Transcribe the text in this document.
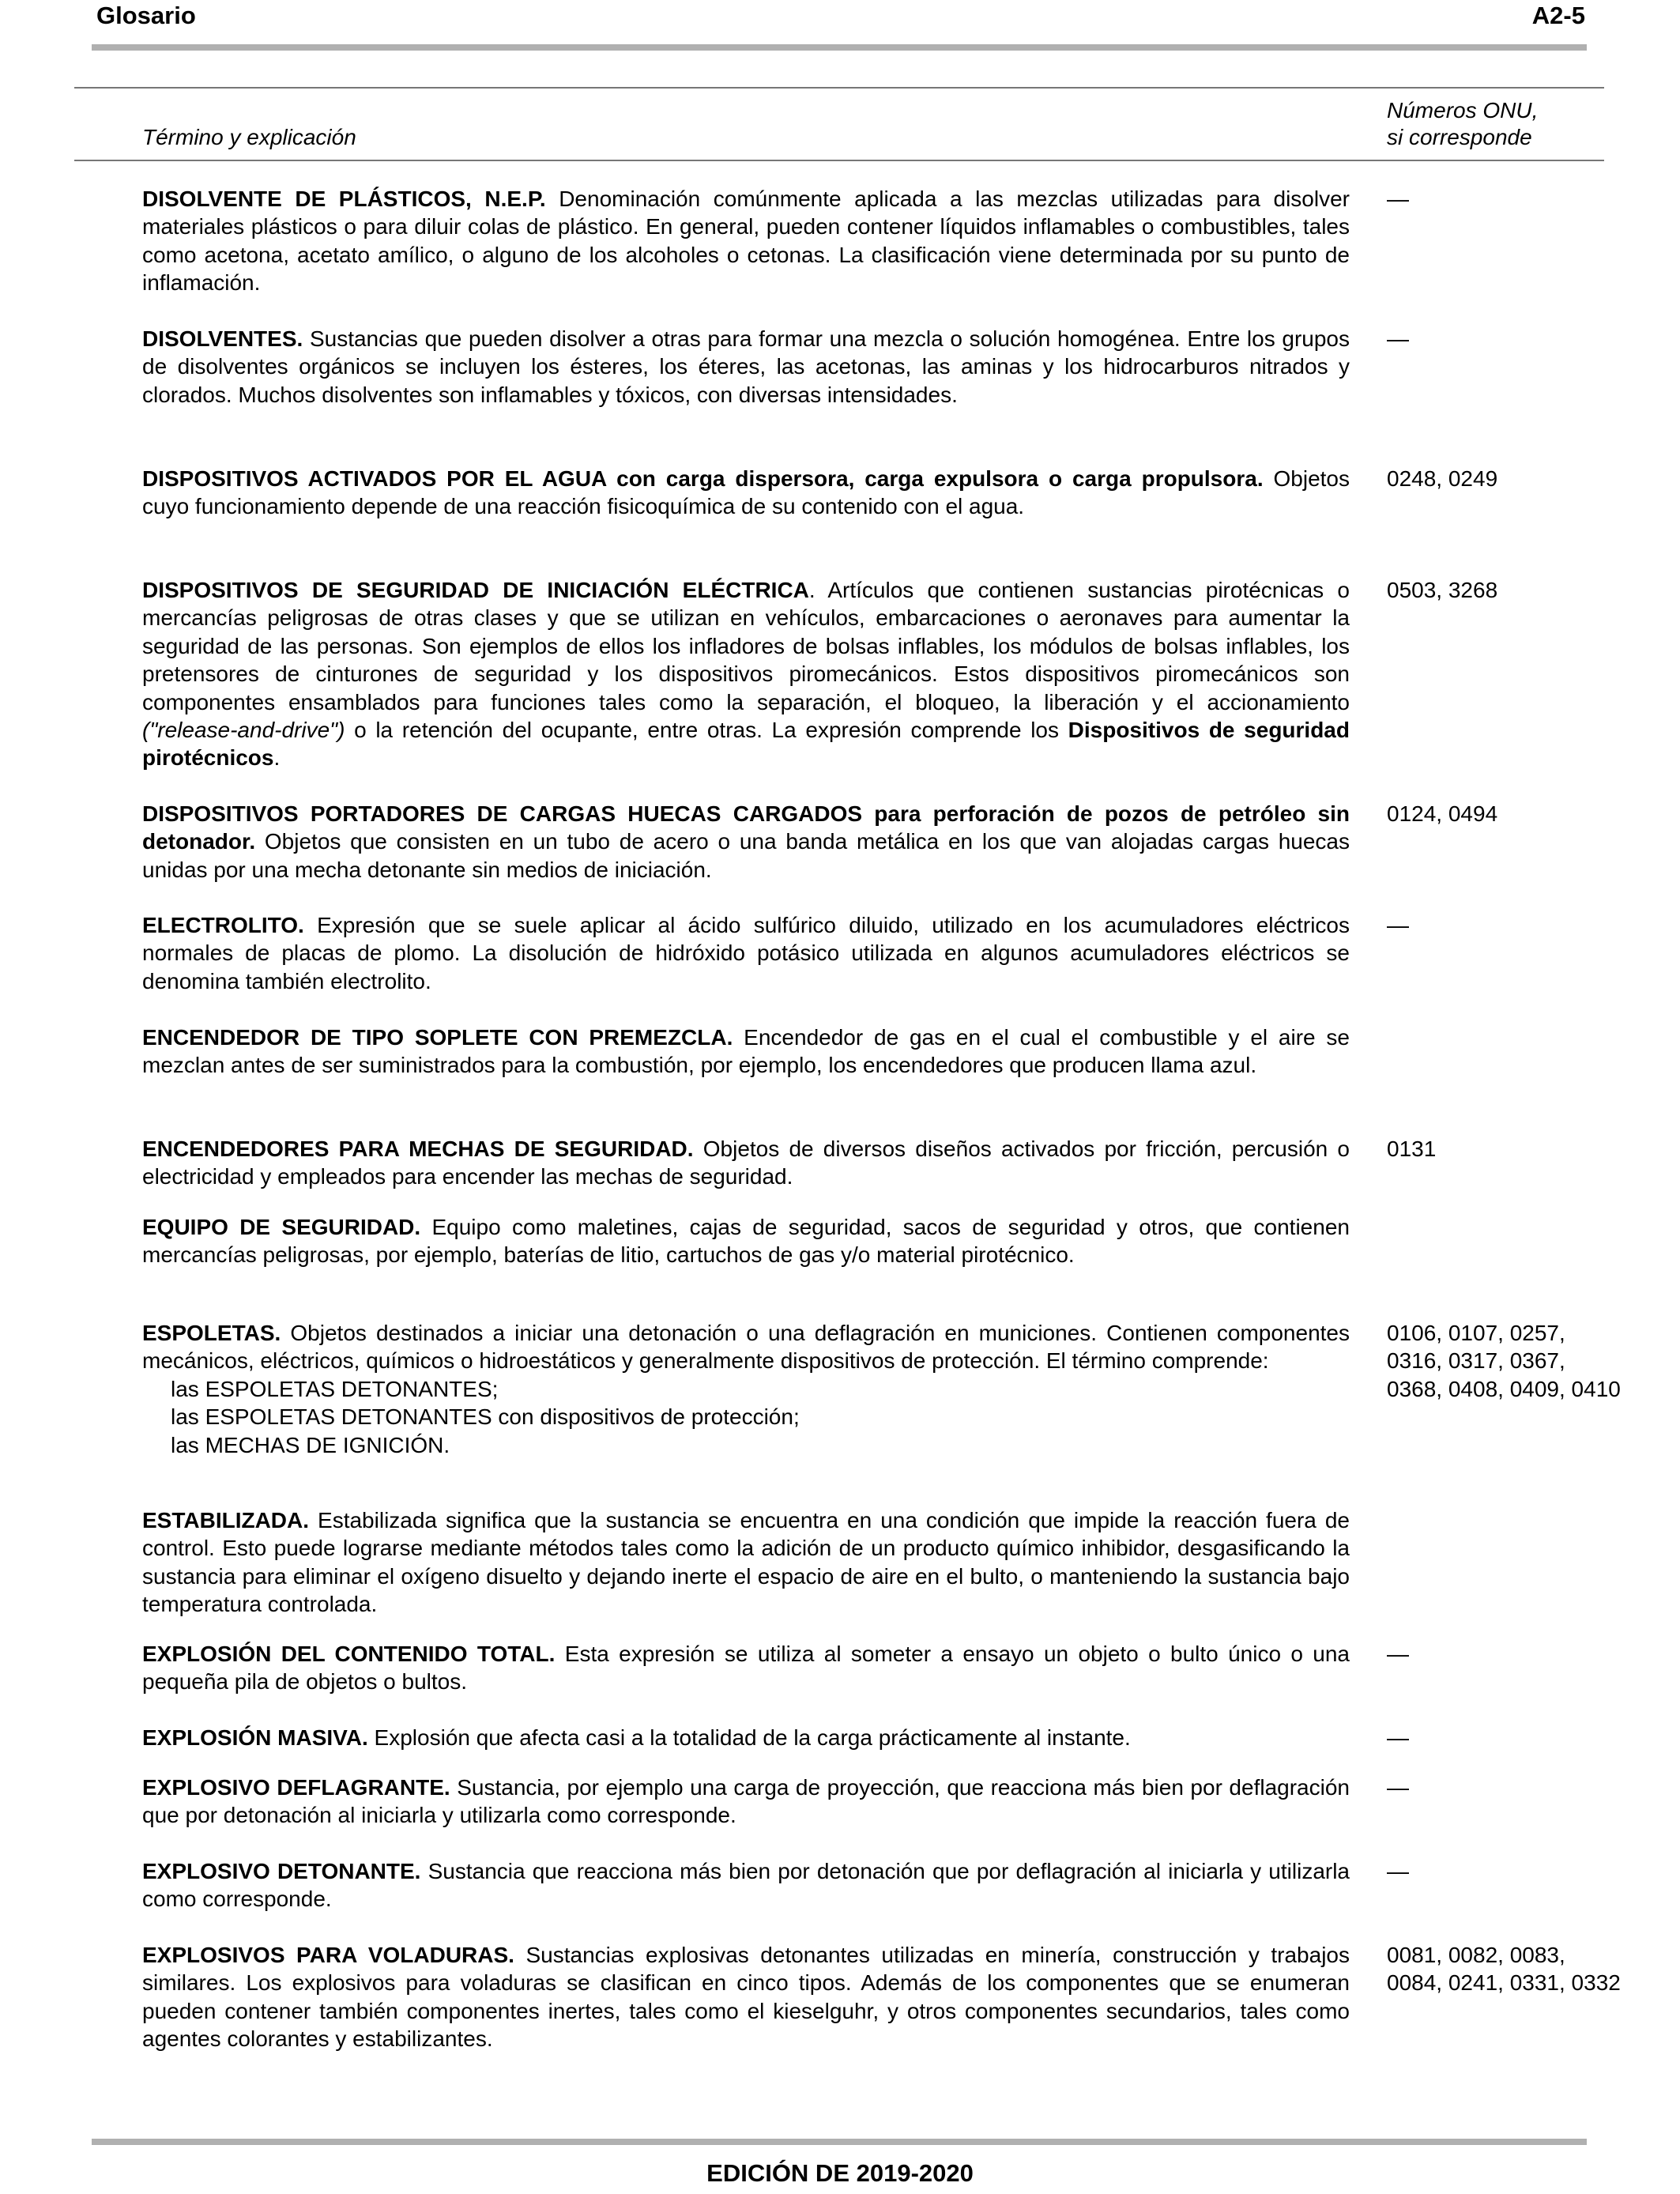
Glosario	A2-5
Término y explicación
Números ONU,
si corresponde
DISOLVENTE DE PLÁSTICOS, N.E.P. Denominación comúnmente aplicada a las mezclas utilizadas para disolver materiales plásticos o para diluir colas de plástico. En general, pueden contener líquidos inflamables o combustibles, tales como acetona, acetato amílico, o alguno de los alcoholes o cetonas. La clasificación viene determinada por su punto de inflamación.
—
DISOLVENTES. Sustancias que pueden disolver a otras para formar una mezcla o solución homogénea. Entre los grupos de disolventes orgánicos se incluyen los ésteres, los éteres, las acetonas, las aminas y los hidrocarburos nitrados y clorados. Muchos disolventes son inflamables y tóxicos, con diversas intensidades.
—
DISPOSITIVOS ACTIVADOS POR EL AGUA con carga dispersora, carga expulsora o carga propulsora. Objetos cuyo funcionamiento depende de una reacción fisicoquímica de su contenido con el agua.
0248, 0249
DISPOSITIVOS DE SEGURIDAD DE INICIACIÓN ELÉCTRICA. Artículos que contienen sustancias pirotécnicas o mercancías peligrosas de otras clases y que se utilizan en vehículos, embarcaciones o aeronaves para aumentar la seguridad de las personas. Son ejemplos de ellos los infladores de bolsas inflables, los módulos de bolsas inflables, los pretensores de cinturones de seguridad y los dispositivos piromecánicos. Estos dispositivos piromecánicos son componentes ensamblados para funciones tales como la separación, el bloqueo, la liberación y el accionamiento ("release-and-drive") o la retención del ocupante, entre otras. La expresión comprende los Dispositivos de seguridad pirotécnicos.
0503, 3268
DISPOSITIVOS PORTADORES DE CARGAS HUECAS CARGADOS para perforación de pozos de petróleo sin detonador. Objetos que consisten en un tubo de acero o una banda metálica en los que van alojadas cargas huecas unidas por una mecha detonante sin medios de iniciación.
0124, 0494
ELECTROLITO. Expresión que se suele aplicar al ácido sulfúrico diluido, utilizado en los acumuladores eléctricos normales de placas de plomo. La disolución de hidróxido potásico utilizada en algunos acumuladores eléctricos se denomina también electrolito.
—
ENCENDEDOR DE TIPO SOPLETE CON PREMEZCLA. Encendedor de gas en el cual el combustible y el aire se mezclan antes de ser suministrados para la combustión, por ejemplo, los encendedores que producen llama azul.
ENCENDEDORES PARA MECHAS DE SEGURIDAD. Objetos de diversos diseños activados por fricción, percusión o electricidad y empleados para encender las mechas de seguridad.
0131
EQUIPO DE SEGURIDAD. Equipo como maletines, cajas de seguridad, sacos de seguridad y otros, que contienen mercancías peligrosas, por ejemplo, baterías de litio, cartuchos de gas y/o material pirotécnico.
ESPOLETAS. Objetos destinados a iniciar una detonación o una deflagración en municiones. Contienen componentes mecánicos, eléctricos, químicos o hidroestáticos y generalmente dispositivos de protección. El término comprende:
las ESPOLETAS DETONANTES;
las ESPOLETAS DETONANTES con dispositivos de protección;
las MECHAS DE IGNICIÓN.
0106, 0107, 0257, 0316, 0317, 0367, 0368, 0408, 0409, 0410
ESTABILIZADA. Estabilizada significa que la sustancia se encuentra en una condición que impide la reacción fuera de control. Esto puede lograrse mediante métodos tales como la adición de un producto químico inhibidor, desgasificando la sustancia para eliminar el oxígeno disuelto y dejando inerte el espacio de aire en el bulto, o manteniendo la sustancia bajo temperatura controlada.
EXPLOSIÓN DEL CONTENIDO TOTAL. Esta expresión se utiliza al someter a ensayo un objeto o bulto único o una pequeña pila de objetos o bultos.
—
EXPLOSIÓN MASIVA. Explosión que afecta casi a la totalidad de la carga prácticamente al instante.	—
EXPLOSIVO DEFLAGRANTE. Sustancia, por ejemplo una carga de proyección, que reacciona más bien por deflagración que por detonación al iniciarla y utilizarla como corresponde.
—
EXPLOSIVO DETONANTE. Sustancia que reacciona más bien por detonación que por deflagración al iniciarla y utilizarla como corresponde.
—
EXPLOSIVOS PARA VOLADURAS. Sustancias explosivas detonantes utilizadas en minería, construcción y trabajos similares. Los explosivos para voladuras se clasifican en cinco tipos. Además de los componentes que se enumeran pueden contener también componentes inertes, tales como el kieselguhr, y otros componentes secundarios, tales como agentes colorantes y estabilizantes.
0081, 0082, 0083, 0084, 0241, 0331, 0332
EDICIÓN DE 2019-2020
